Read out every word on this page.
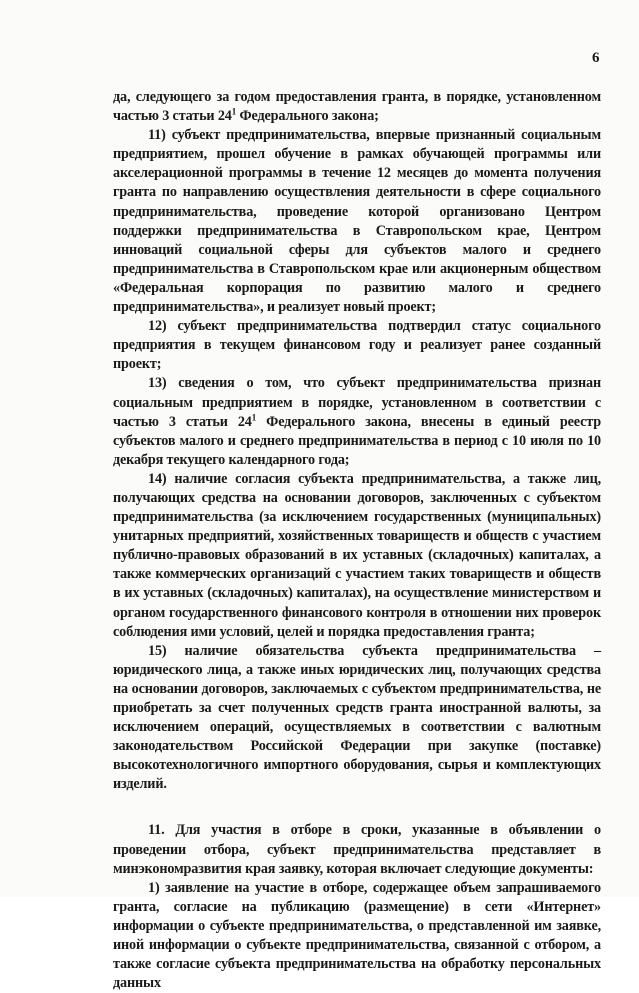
6

да, следующего за годом предоставления гранта, в порядке, установленном частью 3 статьи $24^1$ Федерального закона;

11) субъект предпринимательства, впервые признанный социальным предприятием, прошел обучение в рамках обучающей программы или акселерационной программы в течение 12 месяцев до момента получения гранта по направлению осуществления деятельности в сфере социального предпринимательства, проведение которой организовано Центром поддержки предпринимательства в Ставропольском крае, Центром инноваций социальной сферы для субъектов малого и среднего предпринимательства в Ставропольском крае или акционерным обществом «Федеральная корпорация по развитию малого и среднего предпринимательства», и реализует новый проект;

12) субъект предпринимательства подтвердил статус социального предприятия в текущем финансовом году и реализует ранее созданный проект;

13) сведения о том, что субъект предпринимательства признан социальным предприятием в порядке, установленном в соответствии с частью 3 статьи $24^1$ Федерального закона, внесены в единый реестр субъектов малого и среднего предпринимательства в период с 10 июля по 10 декабря текущего календарного года;

14) наличие согласия субъекта предпринимательства, а также лиц, получающих средства на основании договоров, заключенных с субъектом предпринимательства (за исключением государственных (муниципальных) унитарных предприятий, хозяйственных товариществ и обществ с участием публично-правовых образований в их уставных (складочных) капиталах, а также коммерческих организаций с участием таких товариществ и обществ в их уставных (складочных) капиталах), на осуществление министерством и органом государственного финансового контроля в отношении них проверок соблюдения ими условий, целей и порядка предоставления гранта;

15) наличие обязательства субъекта предпринимательства – юридического лица, а также иных юридических лиц, получающих средства на основании договоров, заключаемых с субъектом предпринимательства, не приобретать за счет полученных средств гранта иностранной валюты, за исключением операций, осуществляемых в соответствии с валютным законодательством Российской Федерации при закупке (поставке) высокотехнологичного импортного оборудования, сырья и комплектующих изделий.

11. Для участия в отборе в сроки, указанные в объявлении о проведении отбора, субъект предпринимательства представляет в минэкономразвития края заявку, которая включает следующие документы:

1) заявление на участие в отборе, содержащее объем запрашиваемого гранта, согласие на публикацию (размещение) в сети «Интернет» информации о субъекте предпринимательства, о представленной им заявке, иной информации о субъекте предпринимательства, связанной с отбором, а также согласие субъекта предпринимательства на обработку персональных данных
